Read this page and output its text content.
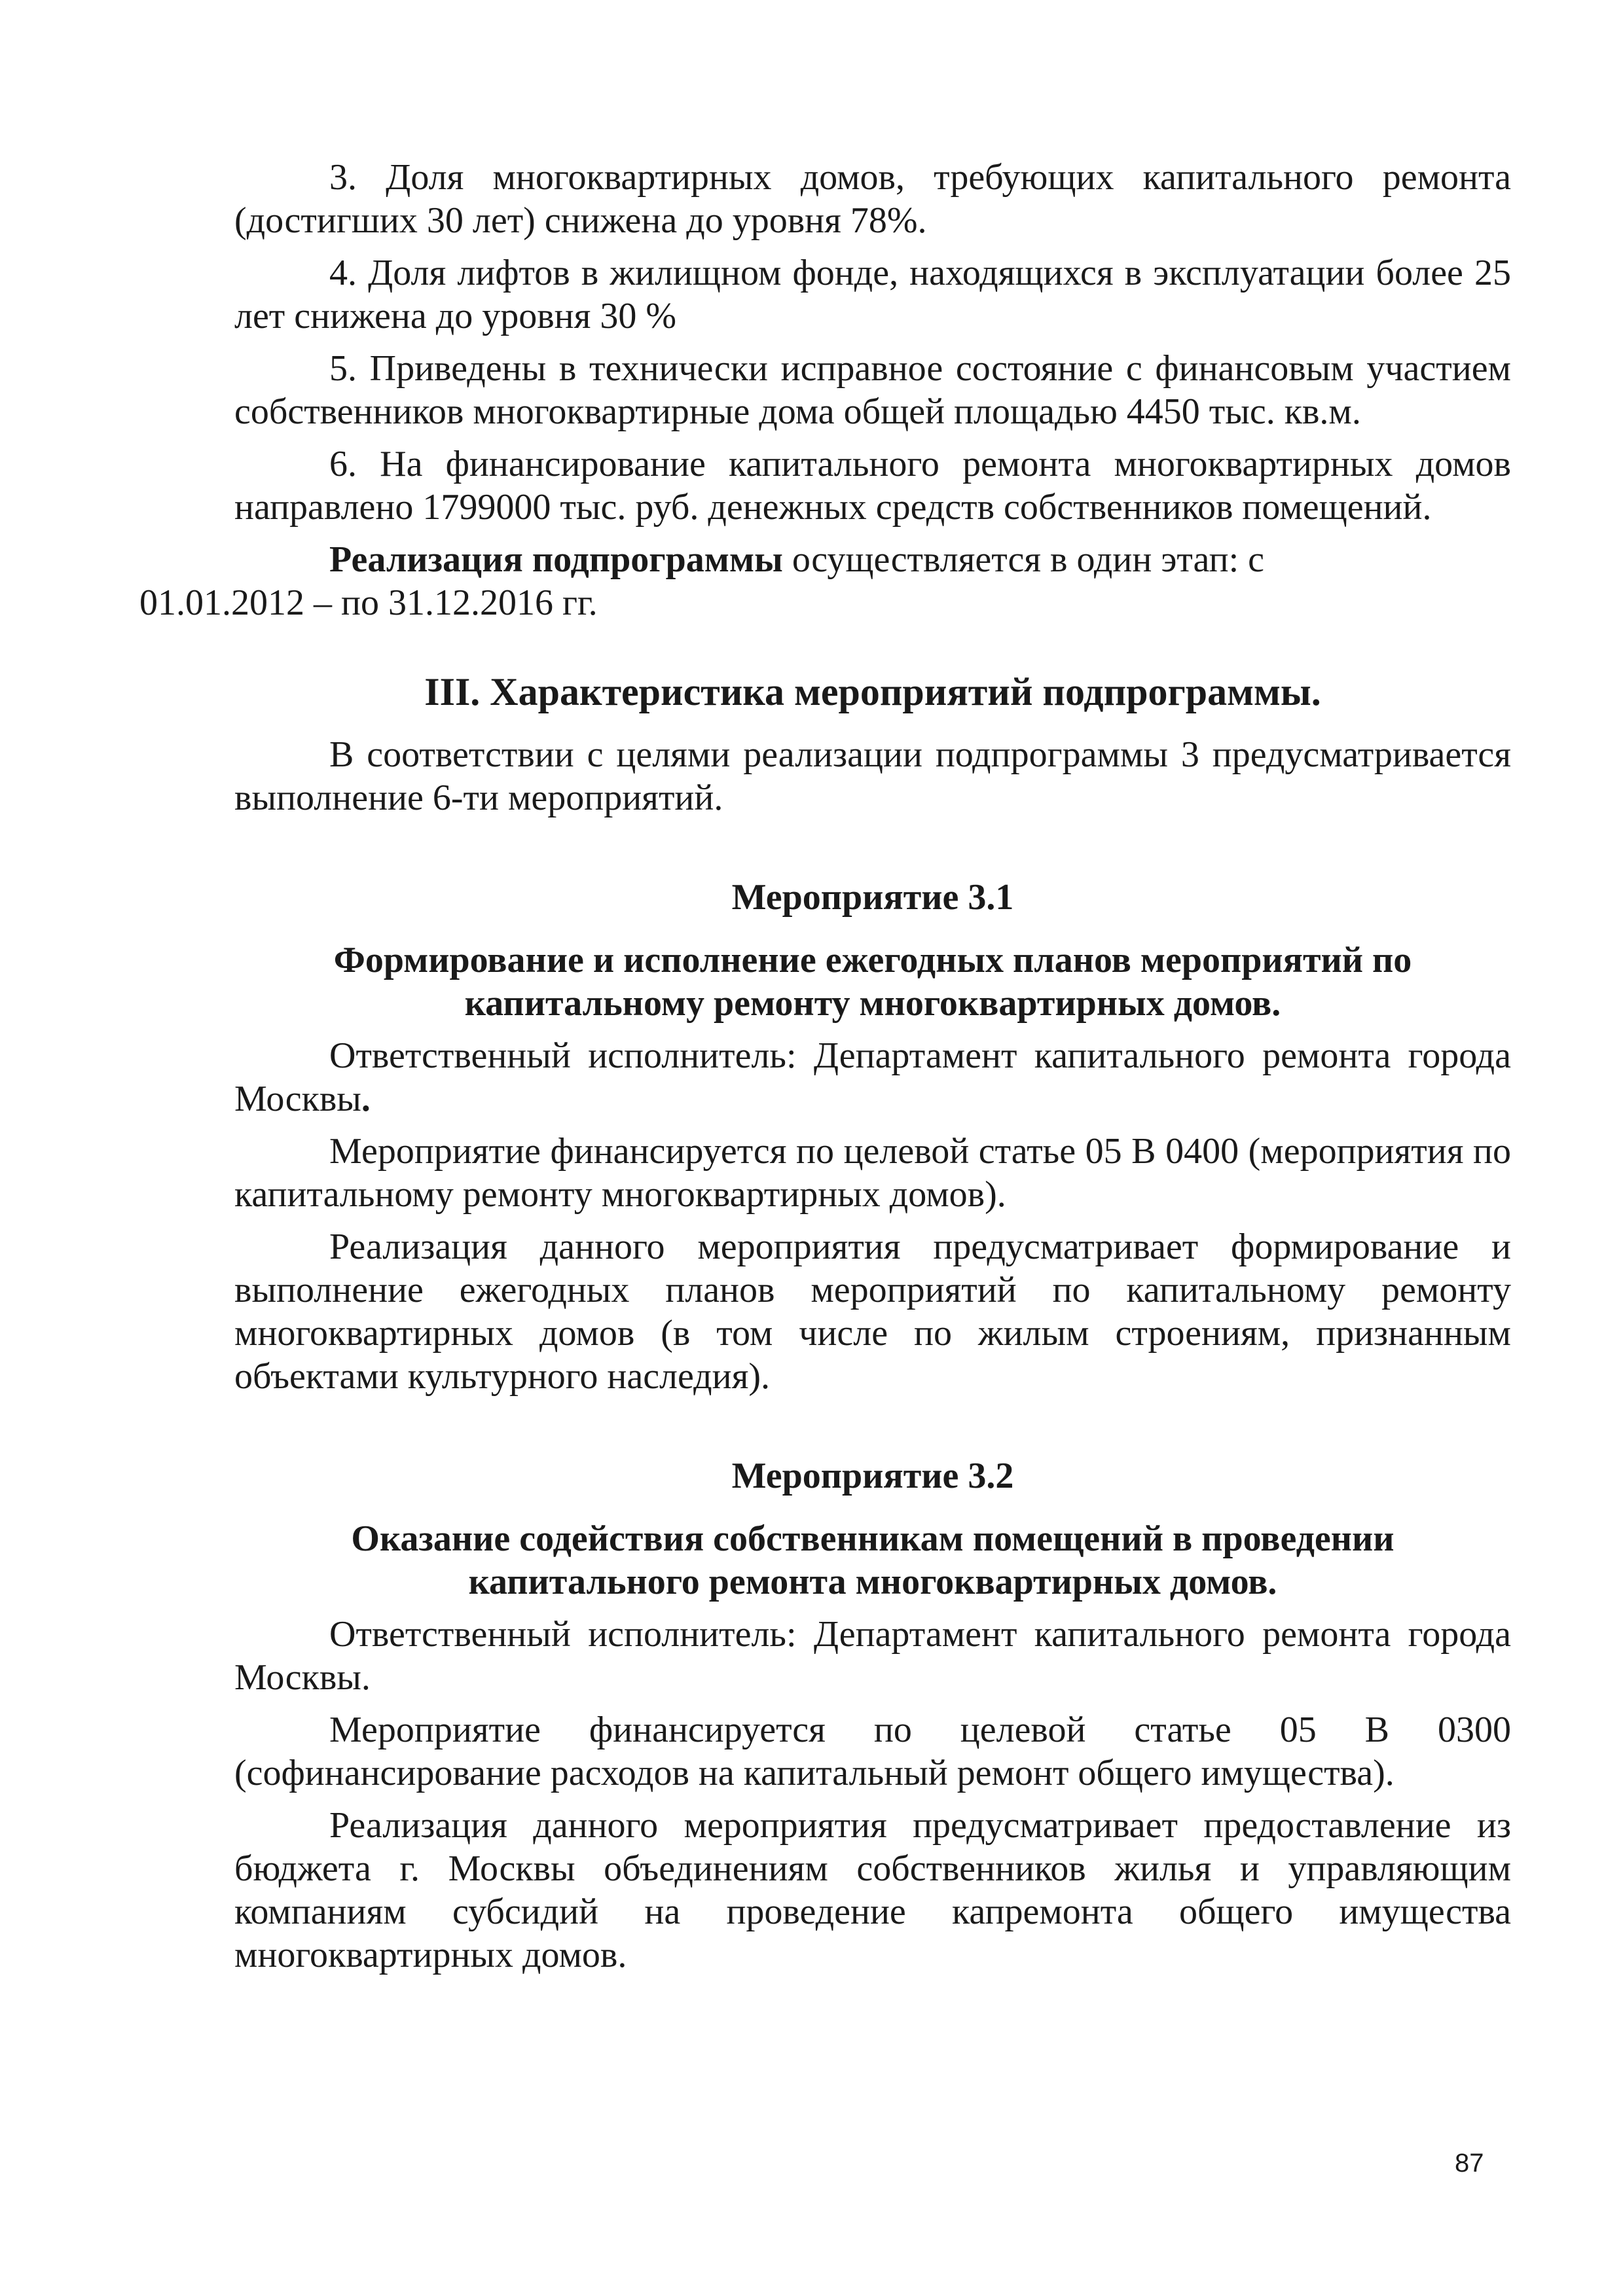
3. Доля многоквартирных домов, требующих капитального ремонта (достигших 30 лет) снижена до уровня 78%.

4. Доля лифтов в жилищном фонде, находящихся в эксплуатации более 25 лет снижена до уровня 30 %

5. Приведены в технически исправное состояние с финансовым участием собственников многоквартирные дома общей площадью 4450 тыс. кв.м.

6. На финансирование капитального ремонта многоквартирных домов направлено 1799000 тыс. руб. денежных средств собственников помещений.

Реализация подпрограммы осуществляется в один этап: с
01.01.2012 – по 31.12.2016 гг.

III. Характеристика мероприятий подпрограммы.

В соответствии с целями реализации подпрограммы 3 предусматривается выполнение 6-ти мероприятий.

Мероприятие 3.1

Формирование и исполнение ежегодных планов мероприятий по
капитальному ремонту многоквартирных домов.

Ответственный исполнитель: Департамент капитального ремонта города Москвы.

Мероприятие финансируется по целевой статье 05 В 0400 (мероприятия по капитальному ремонту многоквартирных домов).

Реализация данного мероприятия предусматривает формирование и выполнение ежегодных планов мероприятий по капитальному ремонту многоквартирных домов (в том числе по жилым строениям, признанным объектами культурного наследия).

Мероприятие 3.2

Оказание содействия собственникам помещений в проведении
капитального ремонта многоквартирных домов.

Ответственный исполнитель: Департамент капитального ремонта города Москвы.

Мероприятие финансируется по целевой статье 05 В 0300 (софинансирование расходов на капитальный ремонт общего имущества).

Реализация данного мероприятия предусматривает предоставление из бюджета г. Москвы объединениям собственников жилья и управляющим компаниям субсидий на проведение капремонта общего имущества многоквартирных домов.

87
